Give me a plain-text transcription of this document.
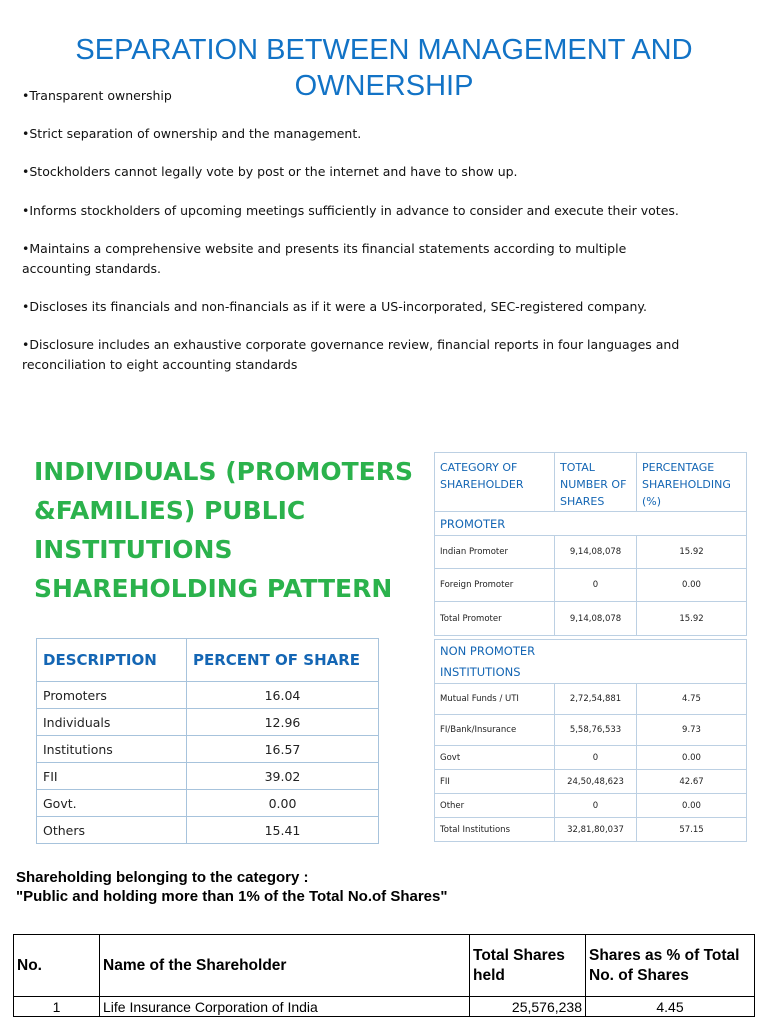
SEPARATION BETWEEN MANAGEMENT AND
OWNERSHIP
•Transparent ownership
•Strict separation of ownership and the management.
•Stockholders cannot legally vote by post or the internet and have to show up.
•Informs stockholders of upcoming meetings sufficiently in advance to consider and execute their votes.
•Maintains a comprehensive website and presents its financial statements according to multiple accounting standards.
•Discloses its financials and non-financials as if it were a US-incorporated, SEC-registered company.
•Disclosure includes an exhaustive corporate governance review, financial reports in four languages and reconciliation to eight accounting standards
INDIVIDUALS (PROMOTERS
&FAMILIES) PUBLIC
INSTITUTIONS
SHAREHOLDING PATTERN
DESCRIPTION	PERCENT OF SHARE
Promoters	16.04
Individuals	12.96
Institutions	16.57
FII	39.02
Govt.	0.00
Others	15.41
CATEGORY OF SHAREHOLDER	TOTAL NUMBER OF SHARES	PERCENTAGE SHAREHOLDING (%)
PROMOTER		
Indian Promoter	9,14,08,078	15.92
Foreign Promoter	0	0.00
Total Promoter	9,14,08,078	15.92

NON PROMOTER		
INSTITUTIONS		
Mutual Funds / UTI	2,72,54,881	4.75
FI/Bank/Insurance	5,58,76,533	9.73
Govt	0	0.00
FII	24,50,48,623	42.67
Other	0	0.00
Total Institutions	32,81,80,037	57.15
Shareholding belonging to the category :
"Public and holding more than 1% of the Total No.of Shares"
No.	Name of the Shareholder	Total Shares held	Shares as % of Total No. of Shares
1	Life Insurance Corporation of India	25,576,238	4.45
